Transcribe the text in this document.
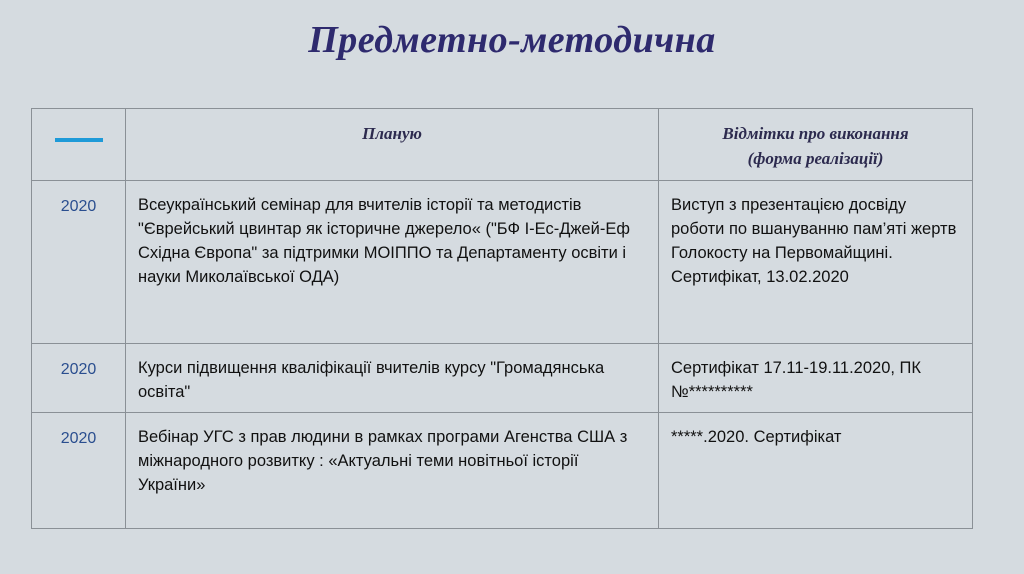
Предметно-методична

	Планую	Відмітки про виконання
(форма реалізації)

2020	Всеукраїнський семінар для вчителів історії та методистів "Єврейський цвинтар як історичне джерело« ("БФ І-Ес-Джей-Еф Східна Європа" за підтримки МОІППО та Департаменту освіти і науки Миколаївської ОДА)	Виступ з презентацією досвіду роботи по вшануванню пам’яті жертв Голокосту на Первомайщині. Сертифікат, 13.02.2020

2020	Курси підвищення кваліфікації вчителів курсу "Громадянська освіта"	Сертифікат 17.11-19.11.2020, ПК №**********

2020	Вебінар УГС з прав людини в рамках програми Агенства США з міжнародного розвитку : «Актуальні теми новітньої історії України»	*****.2020. Сертифікат
